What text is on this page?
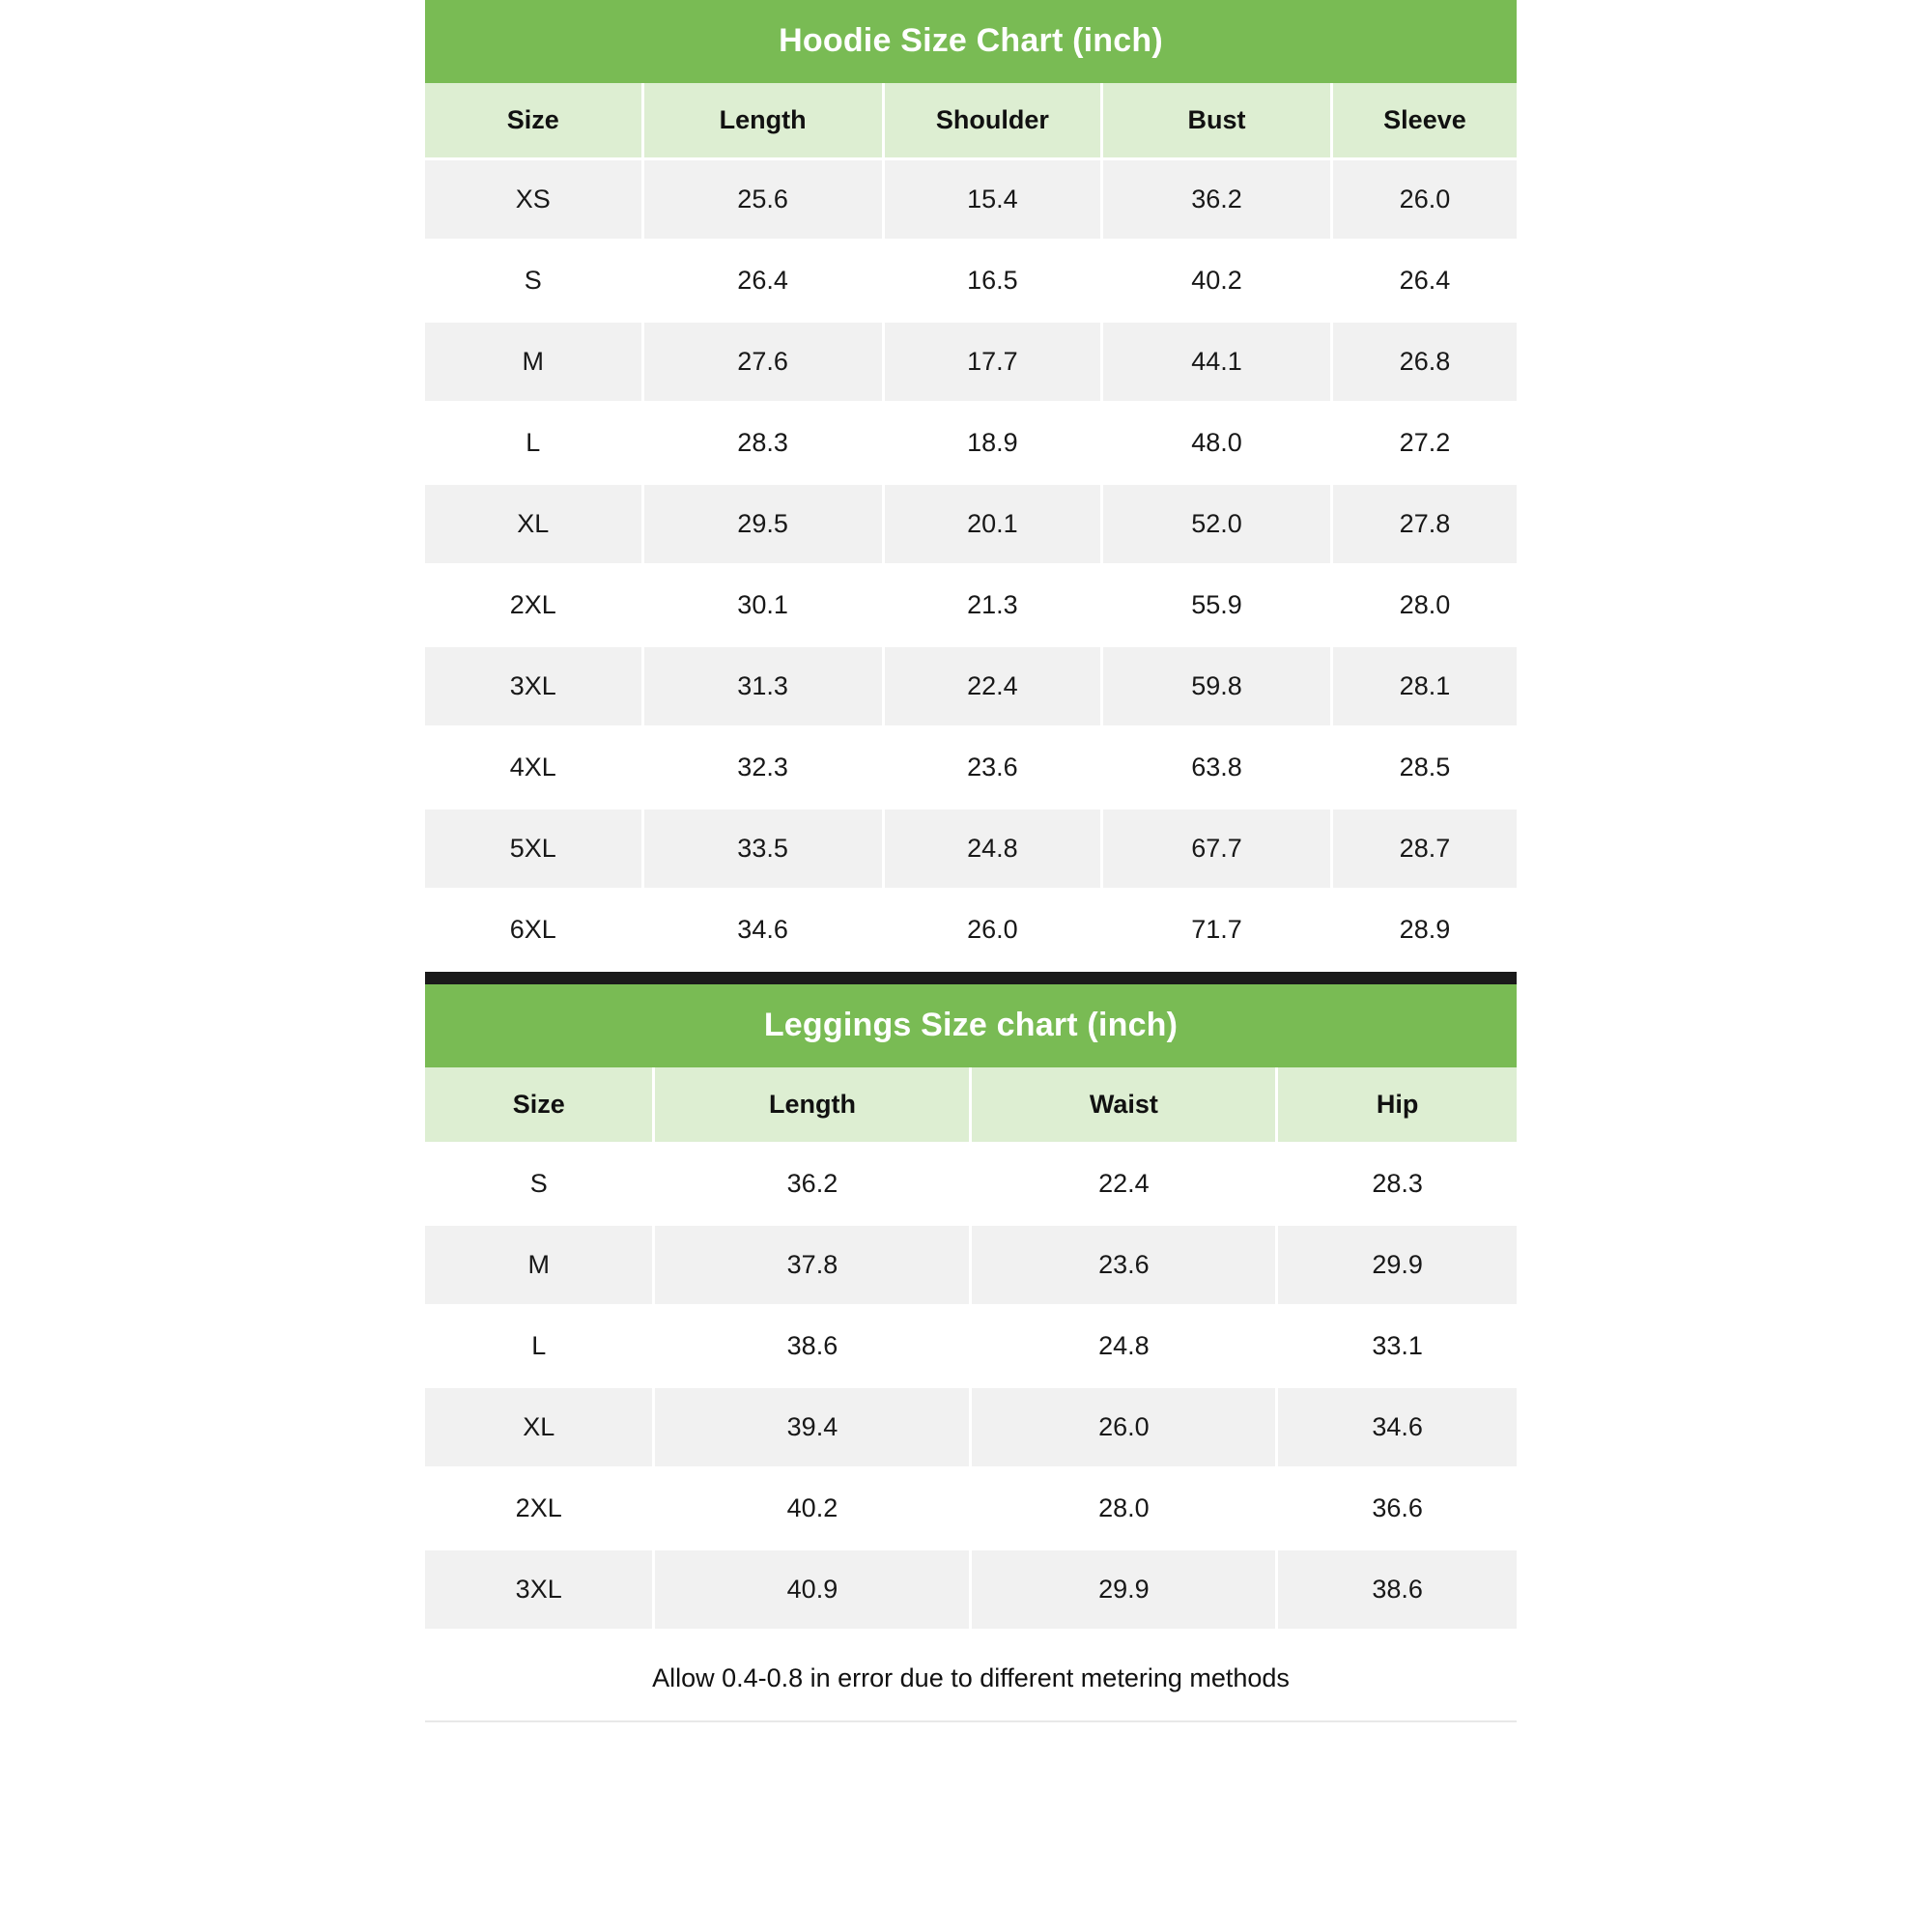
Hoodie Size Chart (inch)
Size	Length	Shoulder	Bust	Sleeve
XS	25.6	15.4	36.2	26.0
S	26.4	16.5	40.2	26.4
M	27.6	17.7	44.1	26.8
L	28.3	18.9	48.0	27.2
XL	29.5	20.1	52.0	27.8
2XL	30.1	21.3	55.9	28.0
3XL	31.3	22.4	59.8	28.1
4XL	32.3	23.6	63.8	28.5
5XL	33.5	24.8	67.7	28.7
6XL	34.6	26.0	71.7	28.9
Leggings Size chart (inch)
Size	Length	Waist	Hip
S	36.2	22.4	28.3
M	37.8	23.6	29.9
L	38.6	24.8	33.1
XL	39.4	26.0	34.6
2XL	40.2	28.0	36.6
3XL	40.9	29.9	38.6
Allow 0.4-0.8 in error due to different metering methods
